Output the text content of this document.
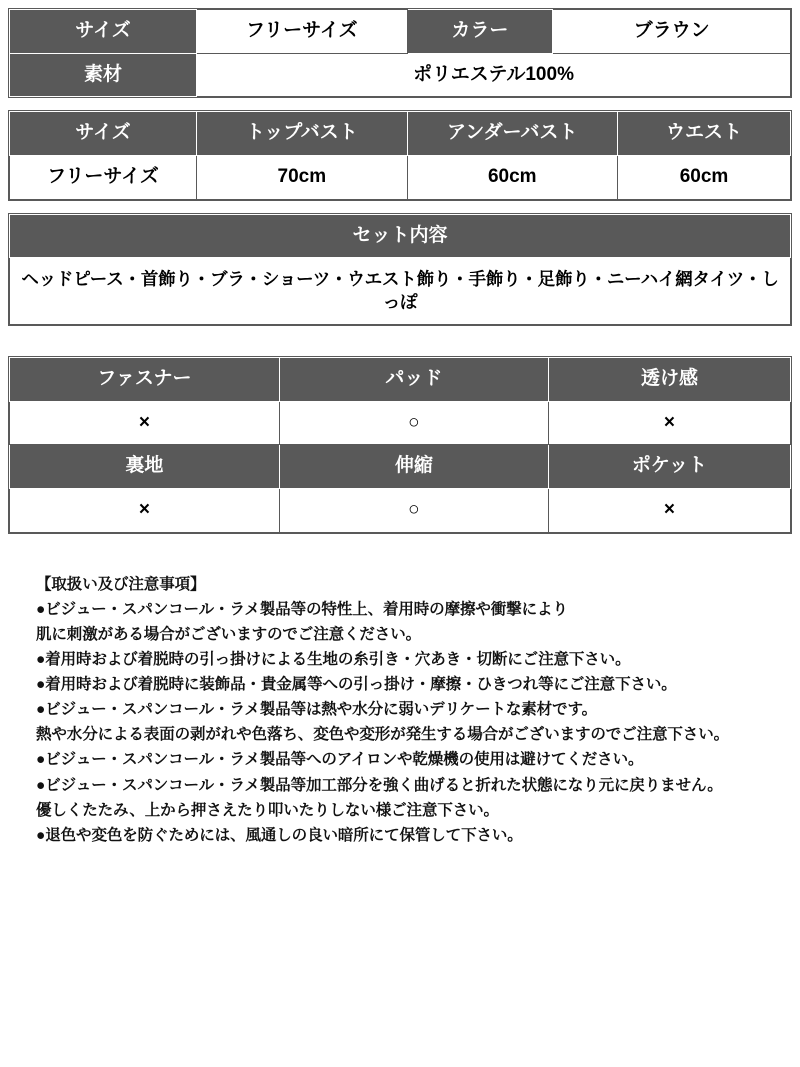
サイズ	フリーサイズ	カラー	ブラウン
素材	ポリエステル100%		
サイズ	トップバスト	アンダーバスト	ウエスト
フリーサイズ	70cm	60cm	60cm
セット内容
ヘッドピース・首飾り・ブラ・ショーツ・ウエスト飾り・手飾り・足飾り・ニーハイ網タイツ・しっぽ
ファスナー	パッド	透け感
×	○	×
裏地	伸縮	ポケット
×	○	×
【取扱い及び注意事項】
●ビジュー・スパンコール・ラメ製品等の特性上、着用時の摩擦や衝撃により
肌に刺激がある場合がございますのでご注意ください。
●着用時および着脱時の引っ掛けによる生地の糸引き・穴あき・切断にご注意下さい。
●着用時および着脱時に装飾品・貴金属等への引っ掛け・摩擦・ひきつれ等にご注意下さい。
●ビジュー・スパンコール・ラメ製品等は熱や水分に弱いデリケートな素材です。
熱や水分による表面の剥がれや色落ち、変色や変形が発生する場合がございますのでご注意下さい。
●ビジュー・スパンコール・ラメ製品等へのアイロンや乾燥機の使用は避けてください。
●ビジュー・スパンコール・ラメ製品等加工部分を強く曲げると折れた状態になり元に戻りません。
優しくたたみ、上から押さえたり叩いたりしない様ご注意下さい。
●退色や変色を防ぐためには、風通しの良い暗所にて保管して下さい。
